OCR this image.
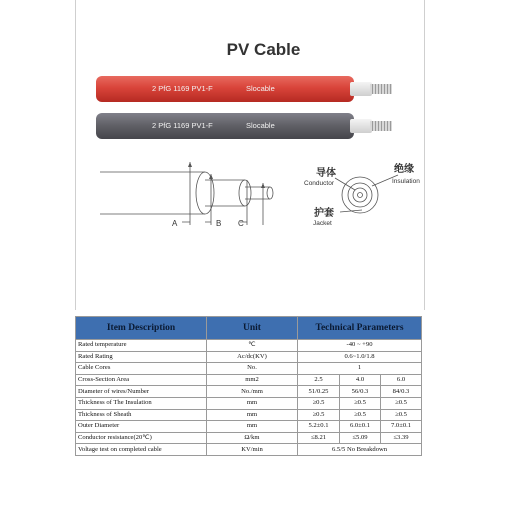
PV Cable
2 PfG 1169 PV1-F	Slocable
2 PfG 1169 PV1-F	Slocable
A	B C
导体
Conductor
绝缘
Insulation
护套
Jacket
Item Description	Unit	Technical Parameters		
Rated temperature	℃	-40 ~ +90		
Rated Rating	Ac/dc(KV)	0.6~1.0/1.8		
Cable Cores	No.	1		
Cross-Section Area	mm2	2.5	4.0	6.0
Diameter of wires/Number	No./mm	51/0.25	56/0.3	84/0.3
Thickness of The Insulation	mm	≥0.5	≥0.5	≥0.5
Thickness of Sheath	mm	≥0.5	≥0.5	≥0.5
Outer Diameter	mm	5.2±0.1	6.0±0.1	7.0±0.1
Conductor resistance(20℃)	Ω/km	≤8.21	≤5.09	≤3.39
Voltage test on completed cable	KV/min	6.5/5 No Breakdown		
